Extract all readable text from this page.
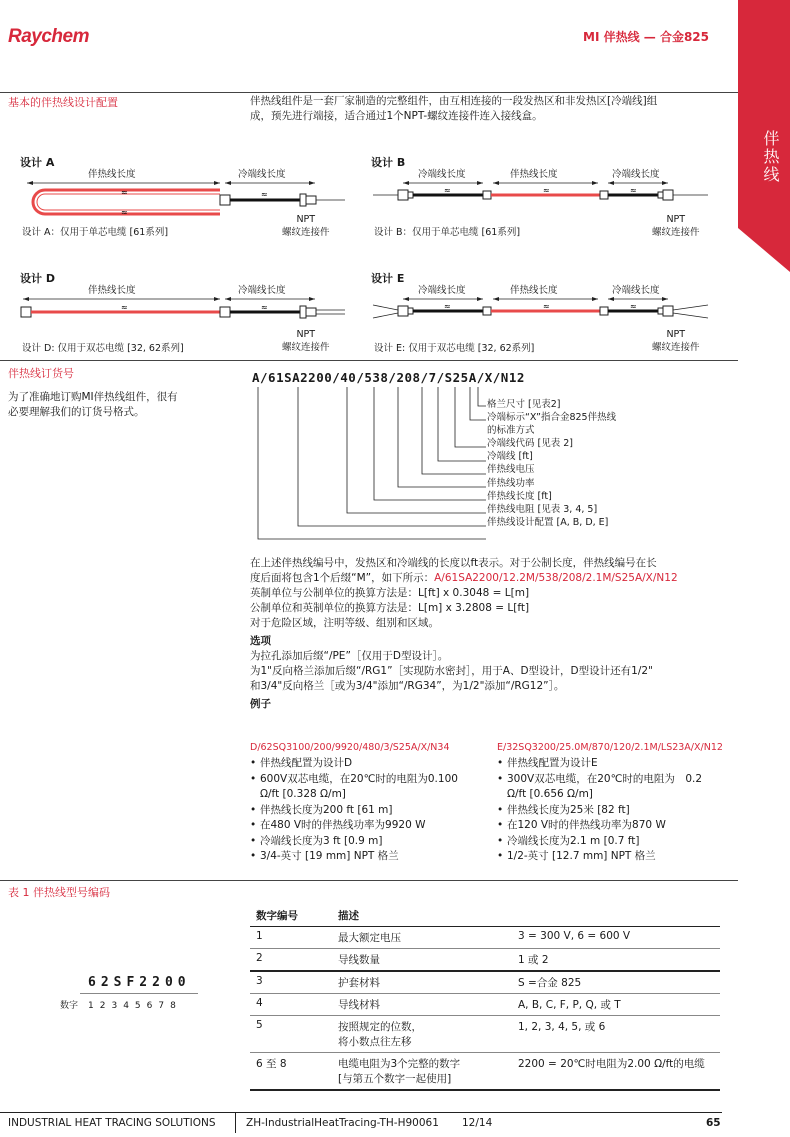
Raychem	MI 伴热线 — 合金825
伴热线
基本的伴热线设计配置	伴热线组件是一套厂家制造的完整组件，由互相连接的一段发热区和非发热区[冷端线]组
成，预先进行端接，适合通过1个NPT-螺纹连接件连入接线盒。
设计 A
伴热线长度	冷端线长度
≈
≈
≈
NPT
螺纹连接件
设计 A：仅用于单芯电缆 [61系列]
设计 B
冷端线长度	伴热线长度	冷端线长度
≈	≈	≈
NPT
螺纹连接件
设计 B：仅用于单芯电缆 [61系列]
设计 D
伴热线长度	冷端线长度
≈	≈
NPT
螺纹连接件
设计 D: 仅用于双芯电缆 [32, 62系列]
设计 E
冷端线长度	伴热线长度	冷端线长度
≈	≈	≈
NPT
螺纹连接件
设计 E: 仅用于双芯电缆 [32, 62系列]
伴热线订货号
为了准确地订购MI伴热线组件，很有
必要理解我们的订货号格式。
A/61SA2200/40/538/208/7/S25A/X/N12
格兰尺寸 [见表2]
冷端标示“X”指合金825伴热线
的标准方式
冷端线代码 [见表 2]
冷端线 [ft]
伴热线电压
伴热线功率
伴热线长度 [ft]
伴热线电阻 [见表 3, 4, 5]
伴热线设计配置 [A, B, D, E]
在上述伴热线编号中，发热区和冷端线的长度以ft表示。对于公制长度，伴热线编号在长
度后面将包含1个后缀“M”，如下所示：A/61SA2200/12.2M/538/208/2.1M/S25A/X/N12
英制单位与公制单位的换算方法是：L[ft] x 0.3048 = L[m]
公制单位和英制单位的换算方法是：L[m] x 3.2808 = L[ft]
对于危险区域，注明等级、组别和区域。
选项
为拉孔添加后缀“/PE”［仅用于D型设计］。
为1"反向格兰添加后缀“/RG1”［实现防水密封］，用于A、D型设计，D型设计还有1/2"
和3/4"反向格兰［或为3/4"添加“/RG34”，为1/2"添加“/RG12”］。
例子
D/62SQ3100/200/9920/480/3/S25A/X/N34
• 伴热线配置为设计D
• 600V双芯电缆，在20℃时的电阻为0.100
Ω/ft [0.328 Ω/m]
• 伴热线长度为200 ft [61 m]
• 在480 V时的伴热线功率为9920 W
• 冷端线长度为3 ft [0.9 m]
• 3/4-英寸 [19 mm] NPT 格兰
E/32SQ3200/25.0M/870/120/2.1M/LS23A/X/N12
• 伴热线配置为设计E
• 300V双芯电缆，在20℃时的电阻为　0.2
Ω/ft [0.656 Ω/m]
• 伴热线长度为25米 [82 ft]
• 在120 V时的伴热线功率为870 W
• 冷端线长度为2.1 m [0.7 ft]
• 1/2-英寸 [12.7 mm] NPT 格兰
表 1 伴热线型号编码
62SF2200
数字 12345678
数字编号	描述	
1	最大额定电压	3 = 300 V, 6 = 600 V
2	导线数量	1 或 2
3	护套材料	S =合金 825
4	导线材料	A, B, C, F, P, Q, 或 T
5	按照规定的位数，
将小数点往左移	1, 2, 3, 4, 5, 或 6
6 至 8	电缆电阻为3个完整的数字
[与第五个数字一起使用]	2200 = 20℃时电阻为2.00 Ω/ft的电缆
INDUSTRIAL HEAT TRACING SOLUTIONS	ZH-IndustrialHeatTracing-TH-H90061 12/14	65
